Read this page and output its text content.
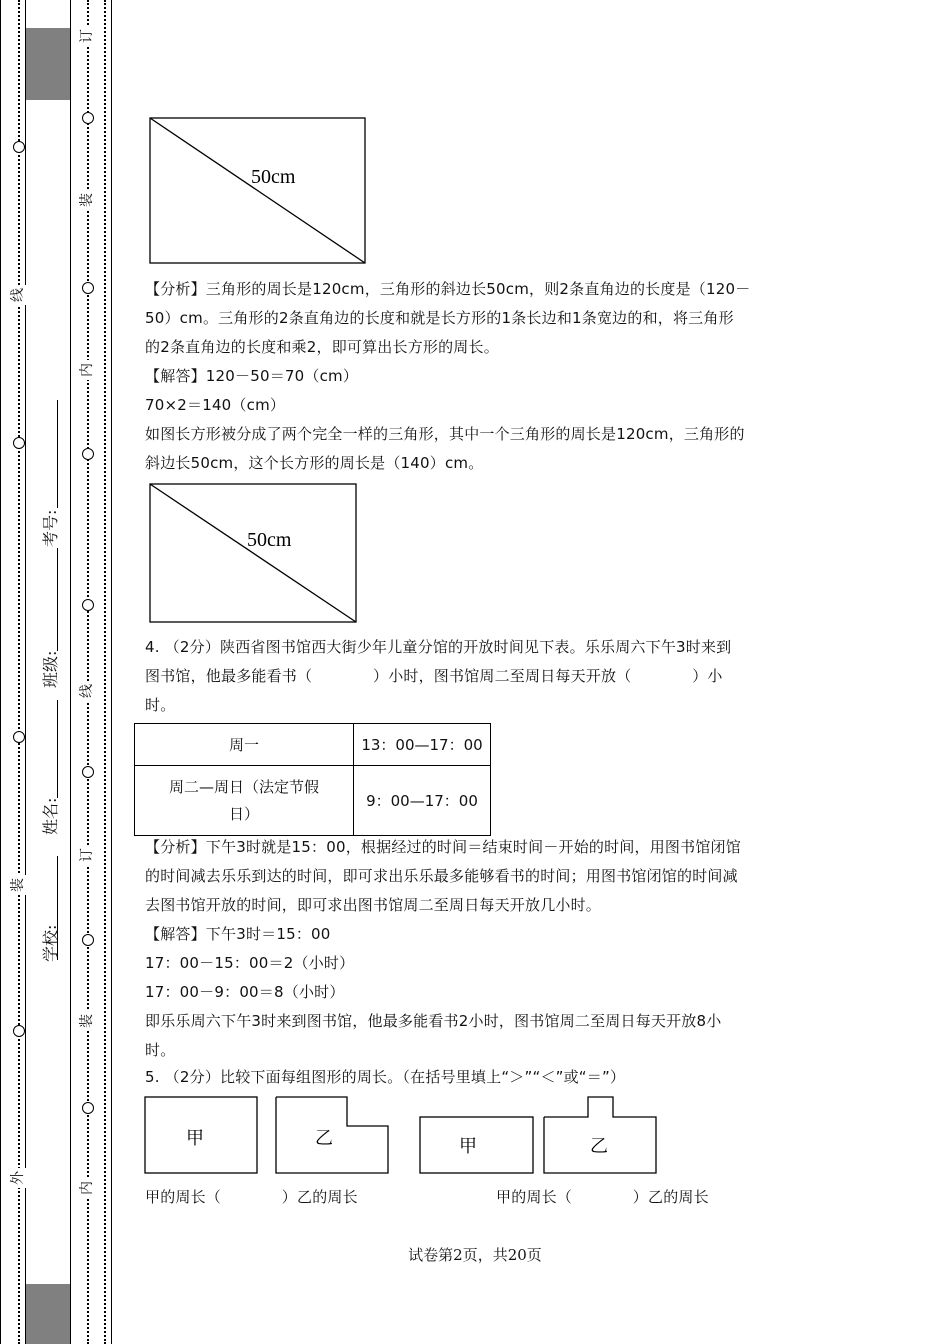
线
装
外
订
装
内
线
订
装
内
学校:
姓名:
班级:
考号:
50cm
【分析】三角形的周长是120cm，三角形的斜边长50cm，则2条直角边的长度是（120－
50）cm。三角形的2条直角边的长度和就是长方形的1条长边和1条宽边的和，将三角形
的2条直角边的长度和乘2，即可算出长方形的周长。
【解答】120－50＝70（cm）
70×2＝140（cm）
如图长方形被分成了两个完全一样的三角形，其中一个三角形的周长是120cm，三角形的
斜边长50cm，这个长方形的周长是（140）cm。
50cm
4. （2分）陕西省图书馆西大街少年儿童分馆的开放时间见下表。乐乐周六下午3时来到
图书馆，他最多能看书（　　　　）小时，图书馆周二至周日每天开放（　　　　）小
时。
周一	13：00—17：00

周二—周日（法定节假
日）	9：00—17：00
【分析】下午3时就是15：00，根据经过的时间＝结束时间－开始的时间，用图书馆闭馆
的时间减去乐乐到达的时间，即可求出乐乐最多能够看书的时间；用图书馆闭馆的时间减
去图书馆开放的时间，即可求出图书馆周二至周日每天开放几小时。
【解答】下午3时＝15：00
17：00－15：00＝2（小时）
17：00－9：00＝8（小时）
即乐乐周六下午3时来到图书馆，他最多能看书2小时，图书馆周二至周日每天开放8小
时。
5. （2分）比较下面每组图形的周长。（在括号里填上“＞”“＜”或“＝”）
甲	乙	甲	乙
甲的周长（　　　　）乙的周长	甲的周长（　　　　）乙的周长
试卷第2页，共20页
